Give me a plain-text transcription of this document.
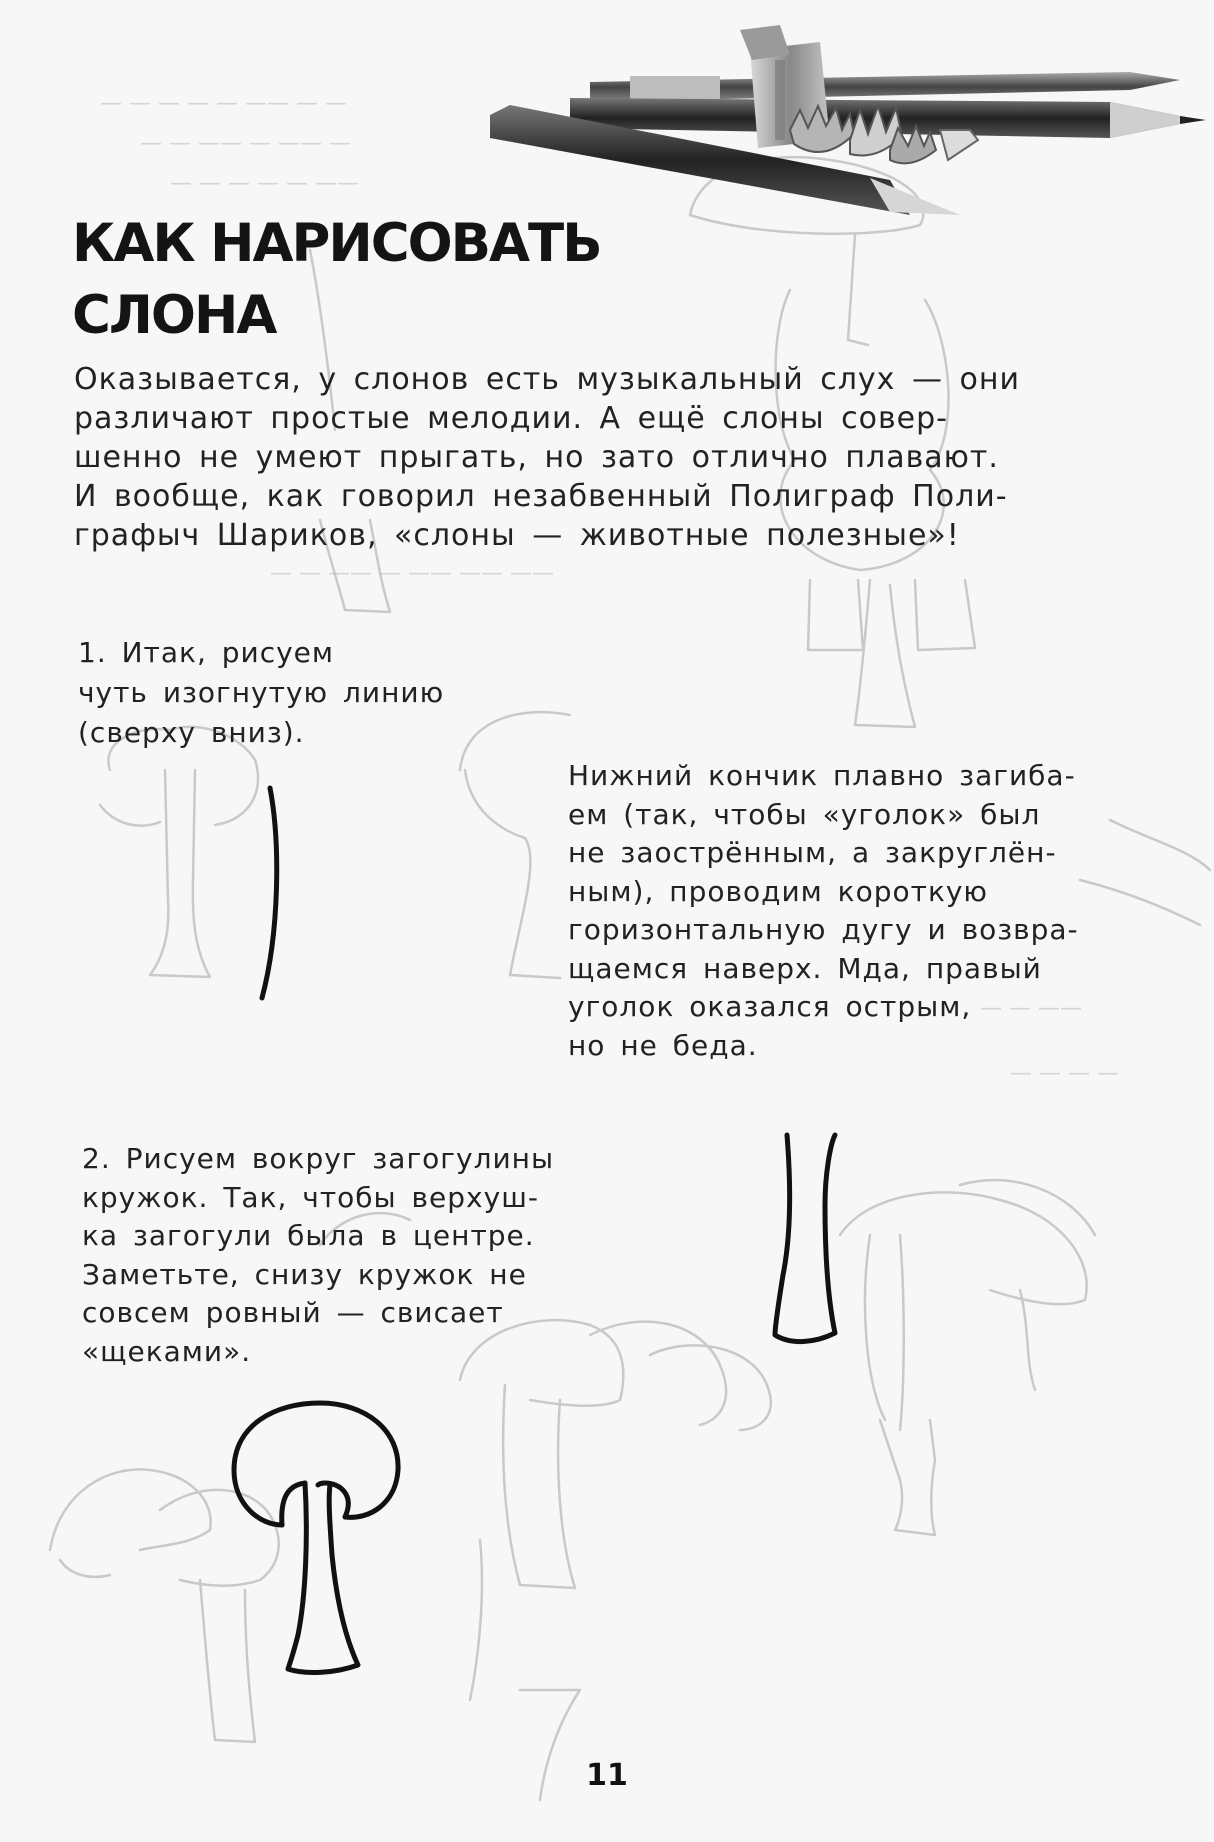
— — — — — —— — —
— — —— — —— —
— — — — — ——
— — —— — —— —— ——
— — ——
— — — —
КАК НАРИСОВАТЬ
СЛОНА

Оказывается, у слонов есть музыкальный слух — они
различают простые мелодии. А ещё слоны совер-
шенно не умеют прыгать, но зато отлично плавают.
И вообще, как говорил незабвенный Полиграф Поли-
графыч Шариков, «слоны — животные полезные»!

1. Итак, рисуем
чуть изогнутую линию
(сверху вниз).

Нижний кончик плавно загиба-
ем (так, чтобы «уголок» был
не заострённым, а закруглён-
ным), проводим короткую
горизонтальную дугу и возвра-
щаемся наверх. Мда, правый
уголок оказался острым,
но не беда.

2. Рисуем вокруг загогулины
кружок. Так, чтобы верхуш-
ка загогули была в центре.
Заметьте, снизу кружок не
совсем ровный — свисает
«щеками».

11
